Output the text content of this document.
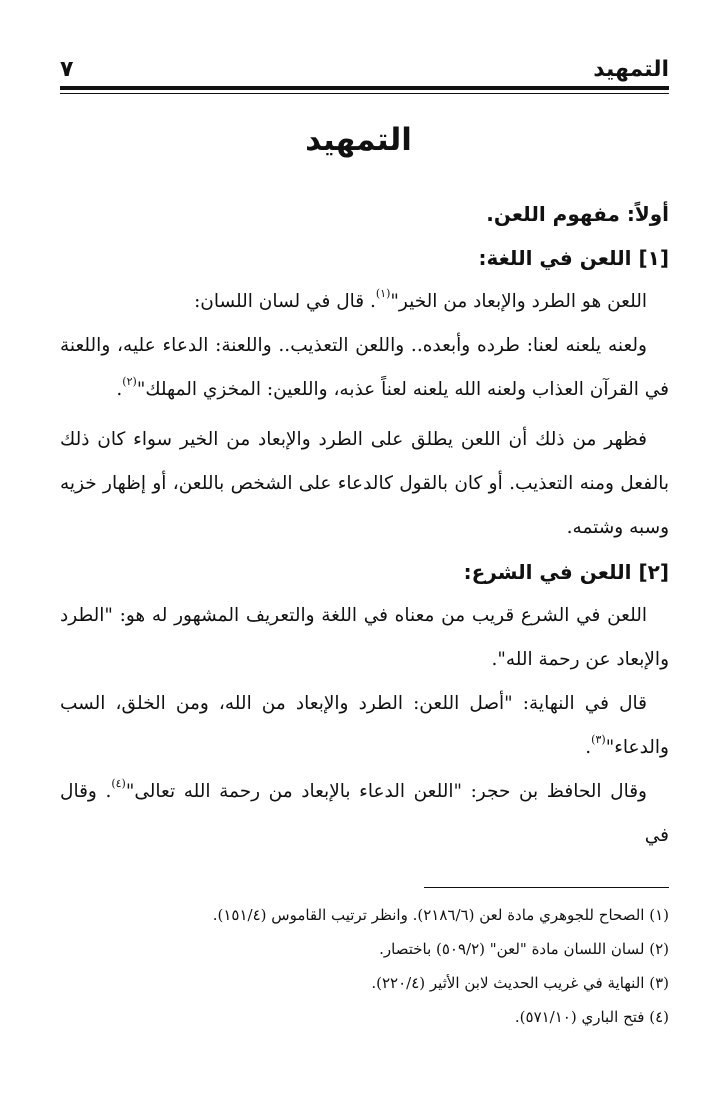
التمهيد
٧
التمهيد

أولاً: مفهوم اللعن.

[١] اللعن في اللغة:

اللعن هو الطرد والإبعاد من الخير"$^{(١)}$. قال في لسان اللسان:

ولعنه يلعنه لعنا: طرده وأبعده.. واللعن التعذيب.. واللعنة: الدعاء عليه، واللعنة في القرآن العذاب ولعنه الله يلعنه لعناً عذبه، واللعين: المخزي المهلك"$^{(٢)}$.

فظهر من ذلك أن اللعن يطلق على الطرد والإبعاد من الخير سواء كان ذلك بالفعل ومنه التعذيب. أو كان بالقول كالدعاء على الشخص باللعن، أو إظهار خزيه وسبه وشتمه.

[٢] اللعن في الشرع:

اللعن في الشرع قريب من معناه في اللغة والتعريف المشهور له هو: "الطرد والإبعاد عن رحمة الله".

قال في النهاية: "أصل اللعن: الطرد والإبعاد من الله، ومن الخلق، السب والدعاء"$^{(٣)}$.

وقال الحافظ بن حجر: "اللعن الدعاء بالإبعاد من رحمة الله تعالى"$^{(٤)}$. وقال في

(١) الصحاح للجوهري مادة لعن (٢١٨٦/٦). وانظر ترتيب القاموس (١٥١/٤).

(٢) لسان اللسان مادة "لعن" (٥٠٩/٢) باختصار.

(٣) النهاية في غريب الحديث لابن الأثير (٢٢٠/٤).

(٤) فتح الباري (٥٧١/١٠).
